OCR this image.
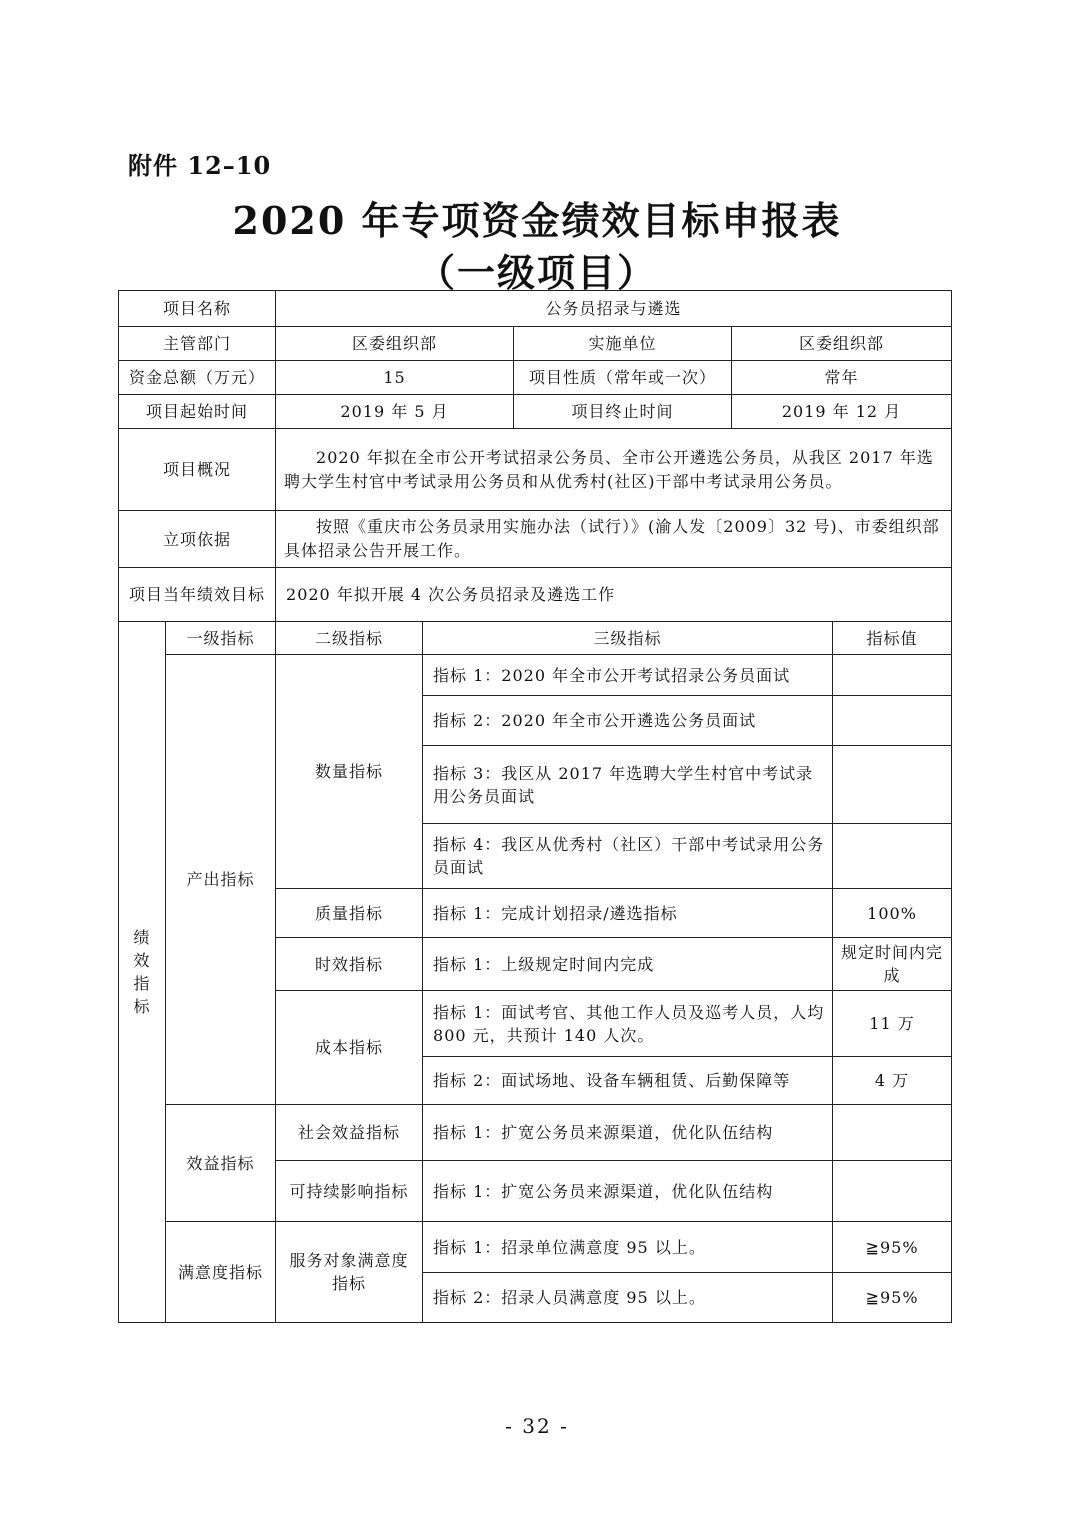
附件 12–10
2020 年专项资金绩效目标申报表
（一级项目）
项目名称		公务员招录与遴选				
主管部门		区委组织部		实施单位	区委组织部	
资金总额（万元）		15		项目性质（常年或一次）	常年	
项目起始时间		2019 年 5 月		项目终止时间	2019 年 12 月	
项目概况		2020 年拟在全市公开考试招录公务员、全市公开遴选公务员，从我区 2017 年选聘大学生村官中考试录用公务员和从优秀村(社区)干部中考试录用公务员。				
立项依据		按照《重庆市公务员录用实施办法（试行）》(渝人发〔2009〕32 号)、市委组织部具体招录公告开展工作。				
项目当年绩效目标		2020 年拟开展 4 次公务员招录及遴选工作				
绩效指标	一级指标	二级指标	三级指标			指标值
	产出指标	数量指标	指标 1：2020 年全市公开考试招录公务员面试			
			指标 2：2020 年全市公开遴选公务员面试			
			指标 3：我区从 2017 年选聘大学生村官中考试录用公务员面试			
			指标 4：我区从优秀村（社区）干部中考试录用公务员面试			
		质量指标	指标 1：完成计划招录/遴选指标			100%
		时效指标	指标 1：上级规定时间内完成			规定时间内完成
		成本指标	指标 1：面试考官、其他工作人员及巡考人员，人均 800 元，共预计 140 人次。			11 万
			指标 2：面试场地、设备车辆租赁、后勤保障等			4 万
	效益指标	社会效益指标	指标 1：扩宽公务员来源渠道，优化队伍结构			
		可持续影响指标	指标 1：扩宽公务员来源渠道，优化队伍结构			
	满意度指标	服务对象满意度指标	指标 1：招录单位满意度 95 以上。			≧95%
			指标 2：招录人员满意度 95 以上。			≧95%
- 32 -
